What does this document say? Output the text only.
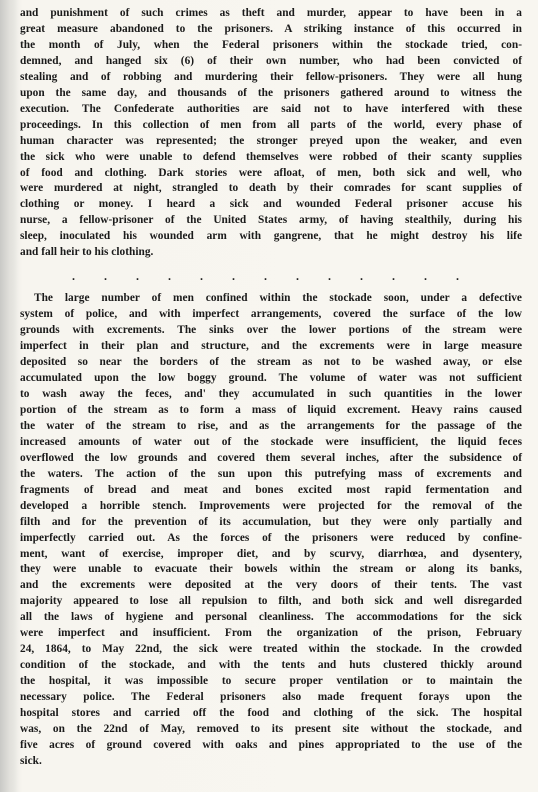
and punishment of such crimes as theft and murder, appear to have been in a
great measure abandoned to the prisoners. A striking instance of this occurred in
the month of July, when the Federal prisoners within the stockade tried, con-
demned, and hanged six (6) of their own number, who had been convicted of
stealing and of robbing and murdering their fellow-prisoners. They were all hung
upon the same day, and thousands of the prisoners gathered around to witness the
execution. The Confederate authorities are said not to have interfered with these
proceedings. In this collection of men from all parts of the world, every phase of
human character was represented; the stronger preyed upon the weaker, and even
the sick who were unable to defend themselves were robbed of their scanty supplies
of food and clothing. Dark stories were afloat, of men, both sick and well, who
were murdered at night, strangled to death by their comrades for scant supplies of
clothing or money. I heard a sick and wounded Federal prisoner accuse his
nurse, a fellow-prisoner of the United States army, of having stealthily, during his
sleep, inoculated his wounded arm with gangrene, that he might destroy his life
and fall heir to his clothing.
.	.	.	.	.	.	.	.	.	.	.	.	.
The large number of men confined within the stockade soon, under a defective
system of police, and with imperfect arrangements, covered the surface of the low
grounds with excrements. The sinks over the lower portions of the stream were
imperfect in their plan and structure, and the excrements were in large measure
deposited so near the borders of the stream as not to be washed away, or else
accumulated upon the low boggy ground. The volume of water was not sufficient
to wash away the feces, and' they accumulated in such quantities in the lower
portion of the stream as to form a mass of liquid excrement. Heavy rains caused
the water of the stream to rise, and as the arrangements for the passage of the
increased amounts of water out of the stockade were insufficient, the liquid feces
overflowed the low grounds and covered them several inches, after the subsidence of
the waters. The action of the sun upon this putrefying mass of excrements and
fragments of bread and meat and bones excited most rapid fermentation and
developed a horrible stench. Improvements were projected for the removal of the
filth and for the prevention of its accumulation, but they were only partially and
imperfectly carried out. As the forces of the prisoners were reduced by confine-
ment, want of exercise, improper diet, and by scurvy, diarrhœa, and dysentery,
they were unable to evacuate their bowels within the stream or along its banks,
and the excrements were deposited at the very doors of their tents. The vast
majority appeared to lose all repulsion to filth, and both sick and well disregarded
all the laws of hygiene and personal cleanliness. The accommodations for the sick
were imperfect and insufficient. From the organization of the prison, February
24, 1864, to May 22nd, the sick were treated within the stockade. In the crowded
condition of the stockade, and with the tents and huts clustered thickly around
the hospital, it was impossible to secure proper ventilation or to maintain the
necessary police. The Federal prisoners also made frequent forays upon the
hospital stores and carried off the food and clothing of the sick. The hospital
was, on the 22nd of May, removed to its present site without the stockade, and
five acres of ground covered with oaks and pines appropriated to the use of the
sick.
